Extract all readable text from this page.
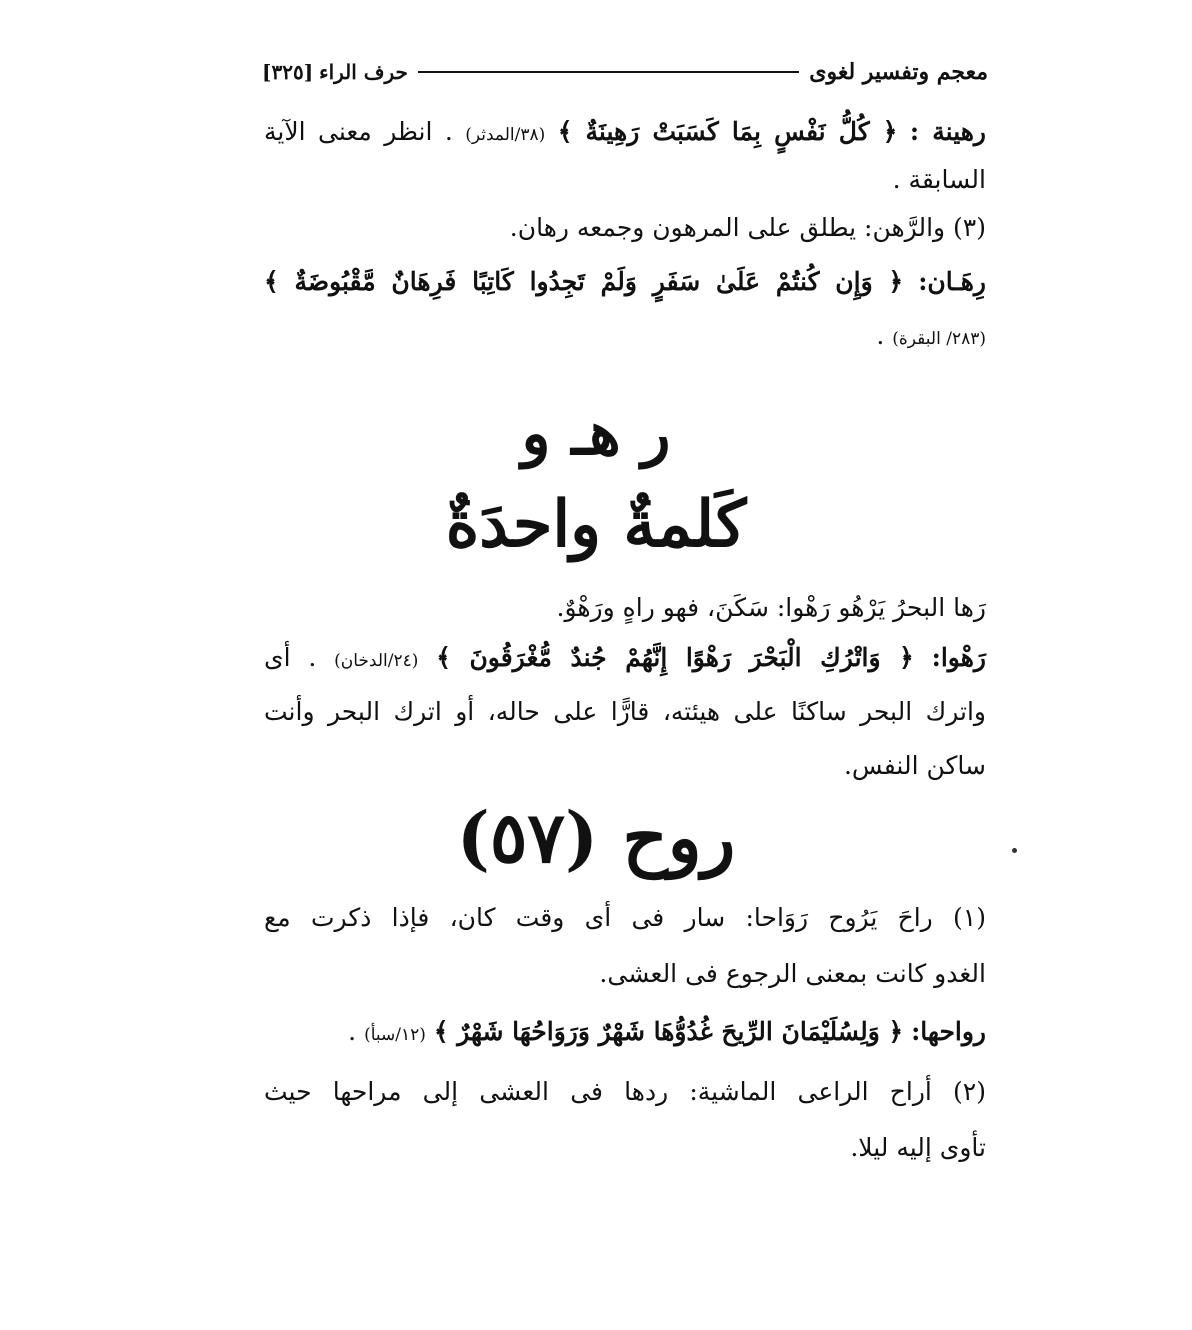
معجم وتفسير لغوى
حرف الراء
[٣٢٥]
رهينة : ﴿ كُلُّ نَفْسٍ بِمَا كَسَبَتْ رَهِينَةٌ ﴾ (٣٨/المدثر) . انظر معنى الآية
السابقة .
(٣) والرَّهن: يطلق على المرهون وجمعه رهان.
رِهَـان: ﴿ وَإِن كُنتُمْ عَلَىٰ سَفَرٍ وَلَمْ تَجِدُوا كَاتِبًا فَرِهَانٌ مَّقْبُوضَةٌ ﴾
(٢٨٣/ البقرة) .
ر هـ و
كَلمةٌ واحدَةٌ
رَها البحرُ يَرْهُو رَهْوا: سَكَنَ، فهو راهٍ ورَهْوٌ.
رَهْوا: ﴿ وَاتْرُكِ الْبَحْرَ رَهْوًا إِنَّهُمْ جُندٌ مُّغْرَقُونَ ﴾ (٢٤/الدخان) . أى
واترك البحر ساكنًا على هيئته، قارًّا على حاله، أو اترك البحر وأنت
ساكن النفس.
روح (٥٧)
(١) راحَ يَرُوح رَوَاحا: سار فى أى وقت كان، فإذا ذكرت مع
الغدو كانت بمعنى الرجوع فى العشى.
رواحها: ﴿ وَلِسُلَيْمَانَ الرِّيحَ غُدُوُّهَا شَهْرٌ وَرَوَاحُهَا شَهْرٌ ﴾ (١٢/سبأ) .
(٢) أراح الراعى الماشية: ردها فى العشى إلى مراحها حيث
تأوى إليه ليلا.
